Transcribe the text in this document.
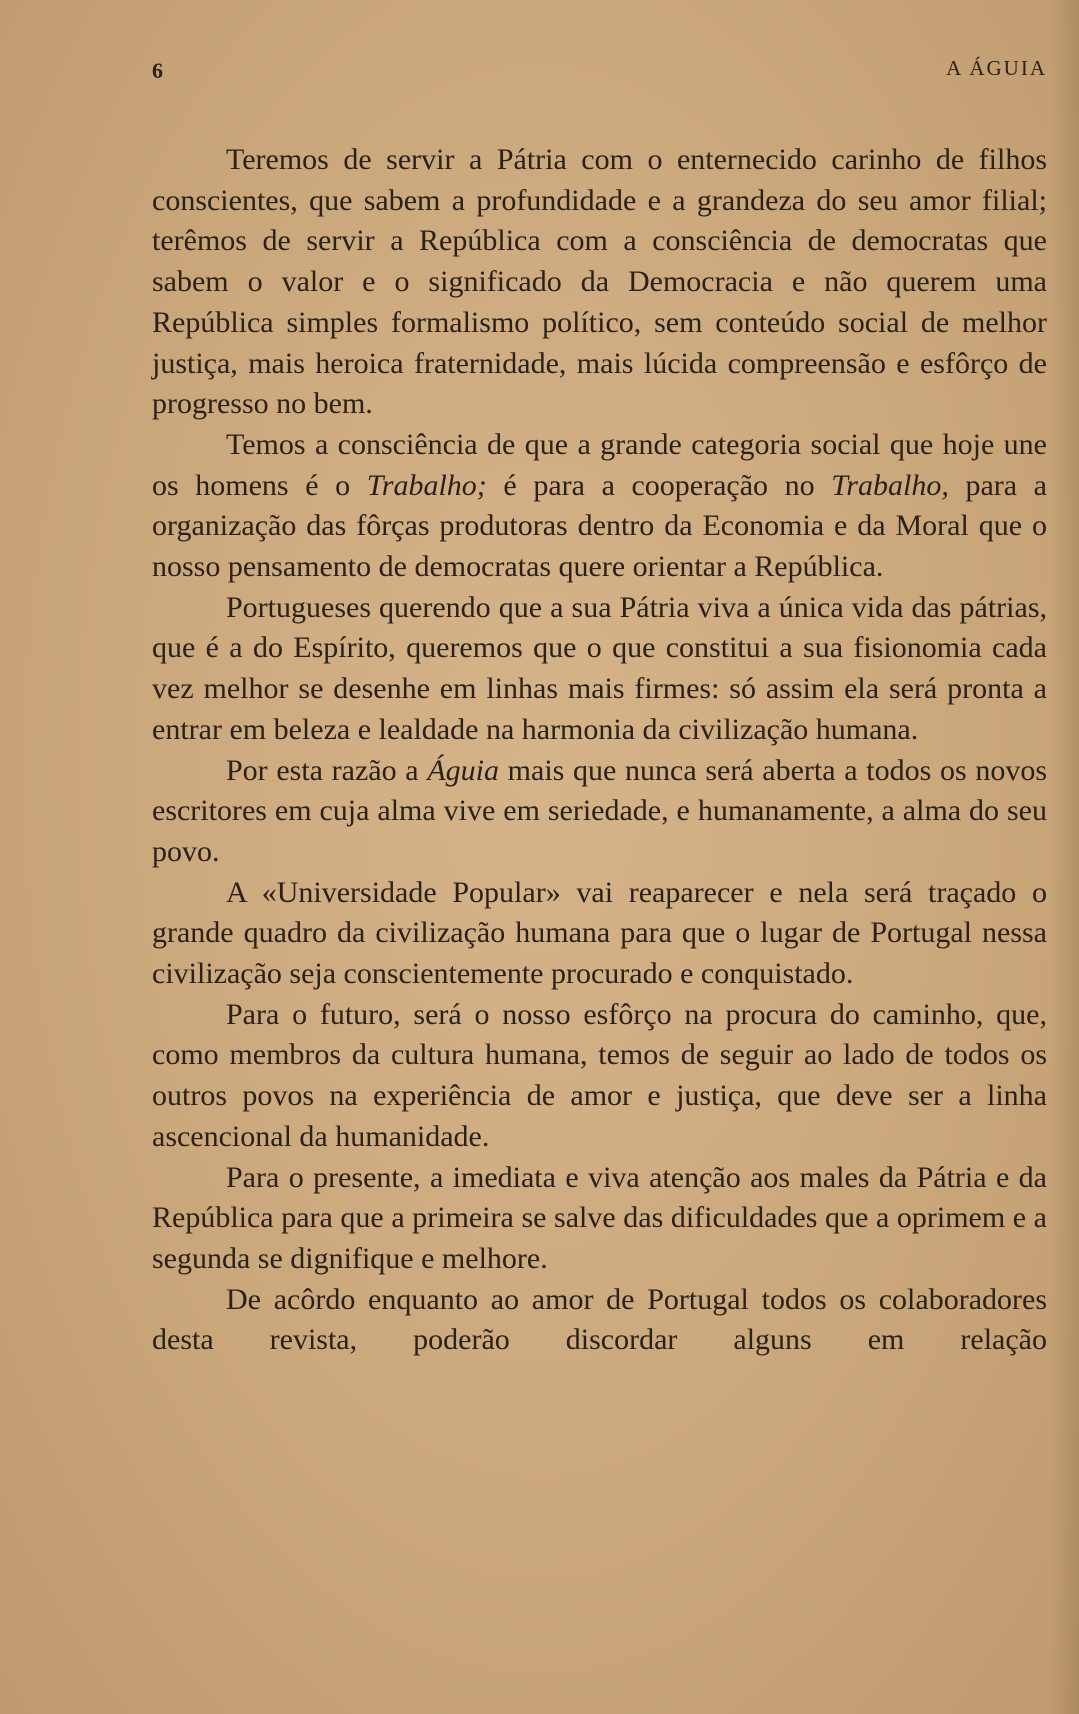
6	A ÁGUIA

Teremos de servir a Pátria com o enternecido carinho de filhos conscientes, que sabem a profundidade e a grandeza do seu amor filial; terêmos de servir a República com a consciência de democratas que sabem o valor e o significado da Democracia e não querem uma República simples formalismo político, sem conteúdo social de melhor justiça, mais heroica fraternidade, mais lúcida compreensão e esfôrço de progresso no bem.

Temos a consciência de que a grande categoria social que hoje une os homens é o Trabalho; é para a cooperação no Trabalho, para a organização das fôrças produtoras dentro da Economia e da Moral que o nosso pensamento de democratas quere orientar a República.

Portugueses querendo que a sua Pátria viva a única vida das pátrias, que é a do Espírito, queremos que o que constitui a sua fisionomia cada vez melhor se desenhe em linhas mais firmes: só assim ela será pronta a entrar em beleza e lealdade na harmonia da civilização humana.

Por esta razão a Águia mais que nunca será aberta a todos os novos escritores em cuja alma vive em seriedade, e humanamente, a alma do seu povo.

A «Universidade Popular» vai reaparecer e nela será traçado o grande quadro da civilização humana para que o lugar de Portugal nessa civilização seja conscientemente procurado e conquistado.

Para o futuro, será o nosso esfôrço na procura do caminho, que, como membros da cultura humana, temos de seguir ao lado de todos os outros povos na experiência de amor e justiça, que deve ser a linha ascencional da humanidade.

Para o presente, a imediata e viva atenção aos males da Pátria e da República para que a primeira se salve das dificuldades que a oprimem e a segunda se dignifique e melhore.

De acôrdo enquanto ao amor de Portugal todos os colaboradores desta revista, poderão discordar alguns em relação
